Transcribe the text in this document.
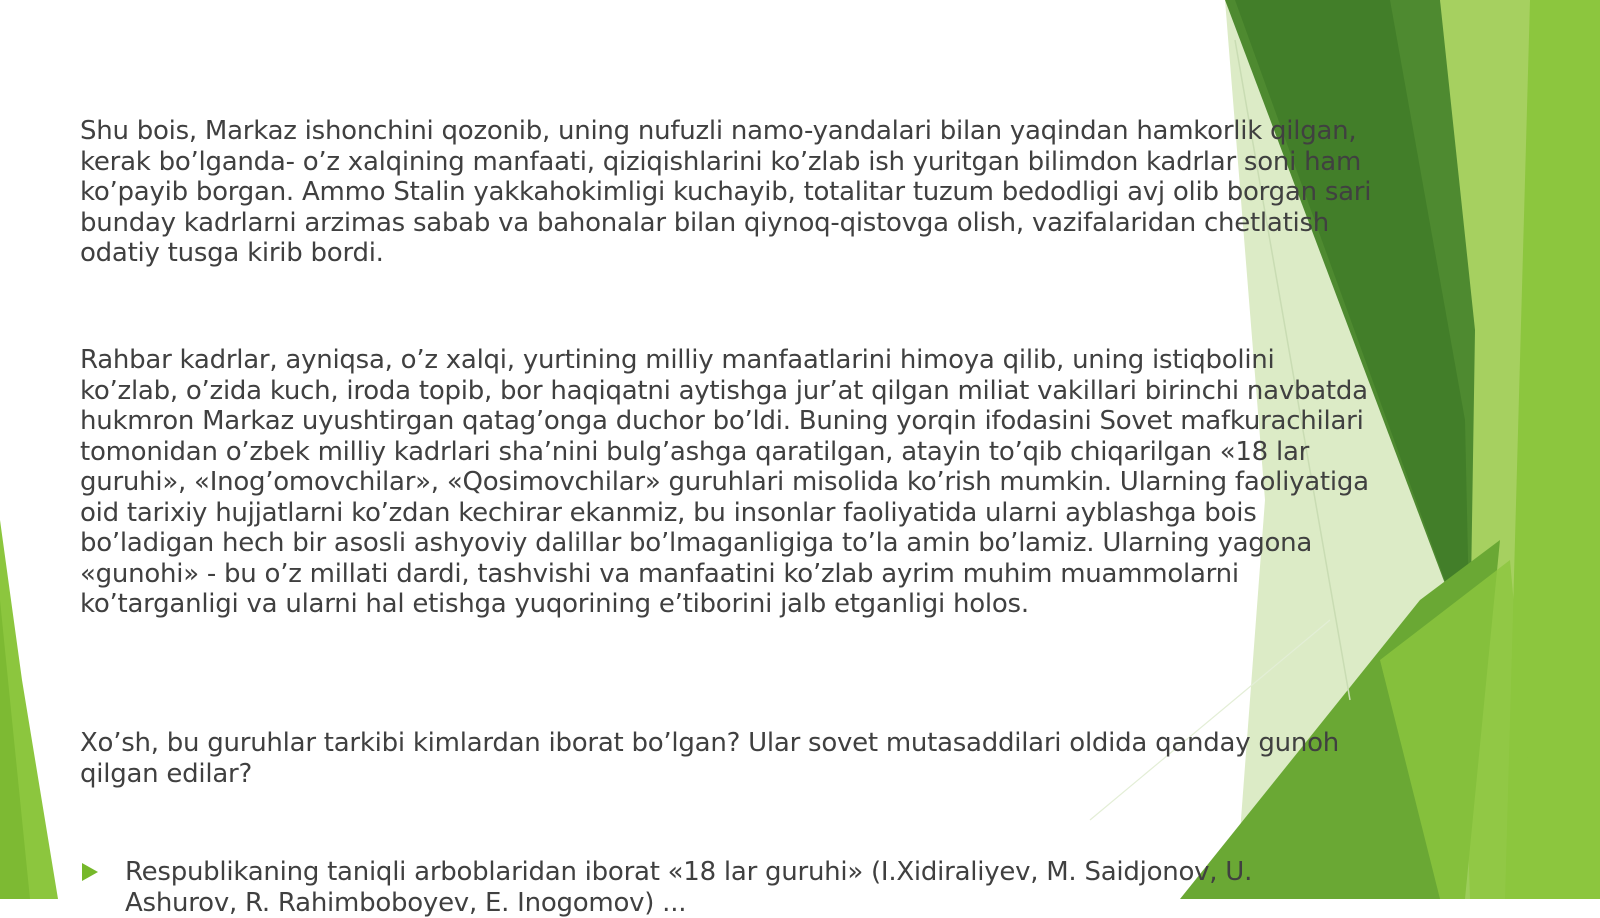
Shu bois, Markaz ishonchini qozonib, uning nufuzli namo-yandalari bilan yaqindan hamkorlik qilgan, kerak bo’lganda- o’z xalqining manfaati, qiziqishlarini ko’zlab ish yuritgan bilimdon kadrlar soni ham ko’payib borgan. Ammo Stalin yakkahokimligi kuchayib, totalitar tuzum bedodligi avj olib borgan sari bunday kadrlarni arzimas sabab va bahonalar bilan qiynoq-qistovga olish, vazifalaridan chetlatish odatiy tusga kirib bordi.

Rahbar kadrlar, ayniqsa, o’z xalqi, yurtining milliy manfaatlarini himoya qilib, uning istiqbolini ko’zlab, o’zida kuch, iroda topib, bor haqiqatni aytishga jur’at qilgan miliat vakillari birinchi navbatda hukmron Markaz uyushtirgan qatag’onga duchor bo’ldi. Buning yorqin ifodasini Sovet mafkurachilari tomonidan o’zbek milliy kadrlari sha’nini bulg’ashga qaratilgan, atayin to’qib chiqarilgan «18 lar guruhi», «Inog’omovchilar», «Qosimovchilar» guruhlari misolida ko’rish mumkin. Ularning faoliyatiga oid tarixiy hujjatlarni ko’zdan kechirar ekanmiz, bu insonlar faoliyatida ularni ayblashga bois bo’ladigan hech bir asosli ashyoviy dalillar bo’lmaganligiga to’la amin bo’lamiz. Ularning yagona «gunohi» - bu o’z millati dardi, tashvishi va manfaatini ko’zlab ayrim muhim muammolarni ko’targanligi va ularni hal etishga yuqorining e’tiborini jalb etganligi holos.

Xo’sh, bu guruhlar tarkibi kimlardan iborat bo’lgan? Ular sovet mutasaddilari oldida qanday gunoh qilgan edilar?

Respublikaning taniqli arboblaridan iborat «18 lar guruhi» (I.Xidiraliyev, M. Saidjonov, U. Ashurov, R. Rahimboboyev, E. Inogomov) ...
